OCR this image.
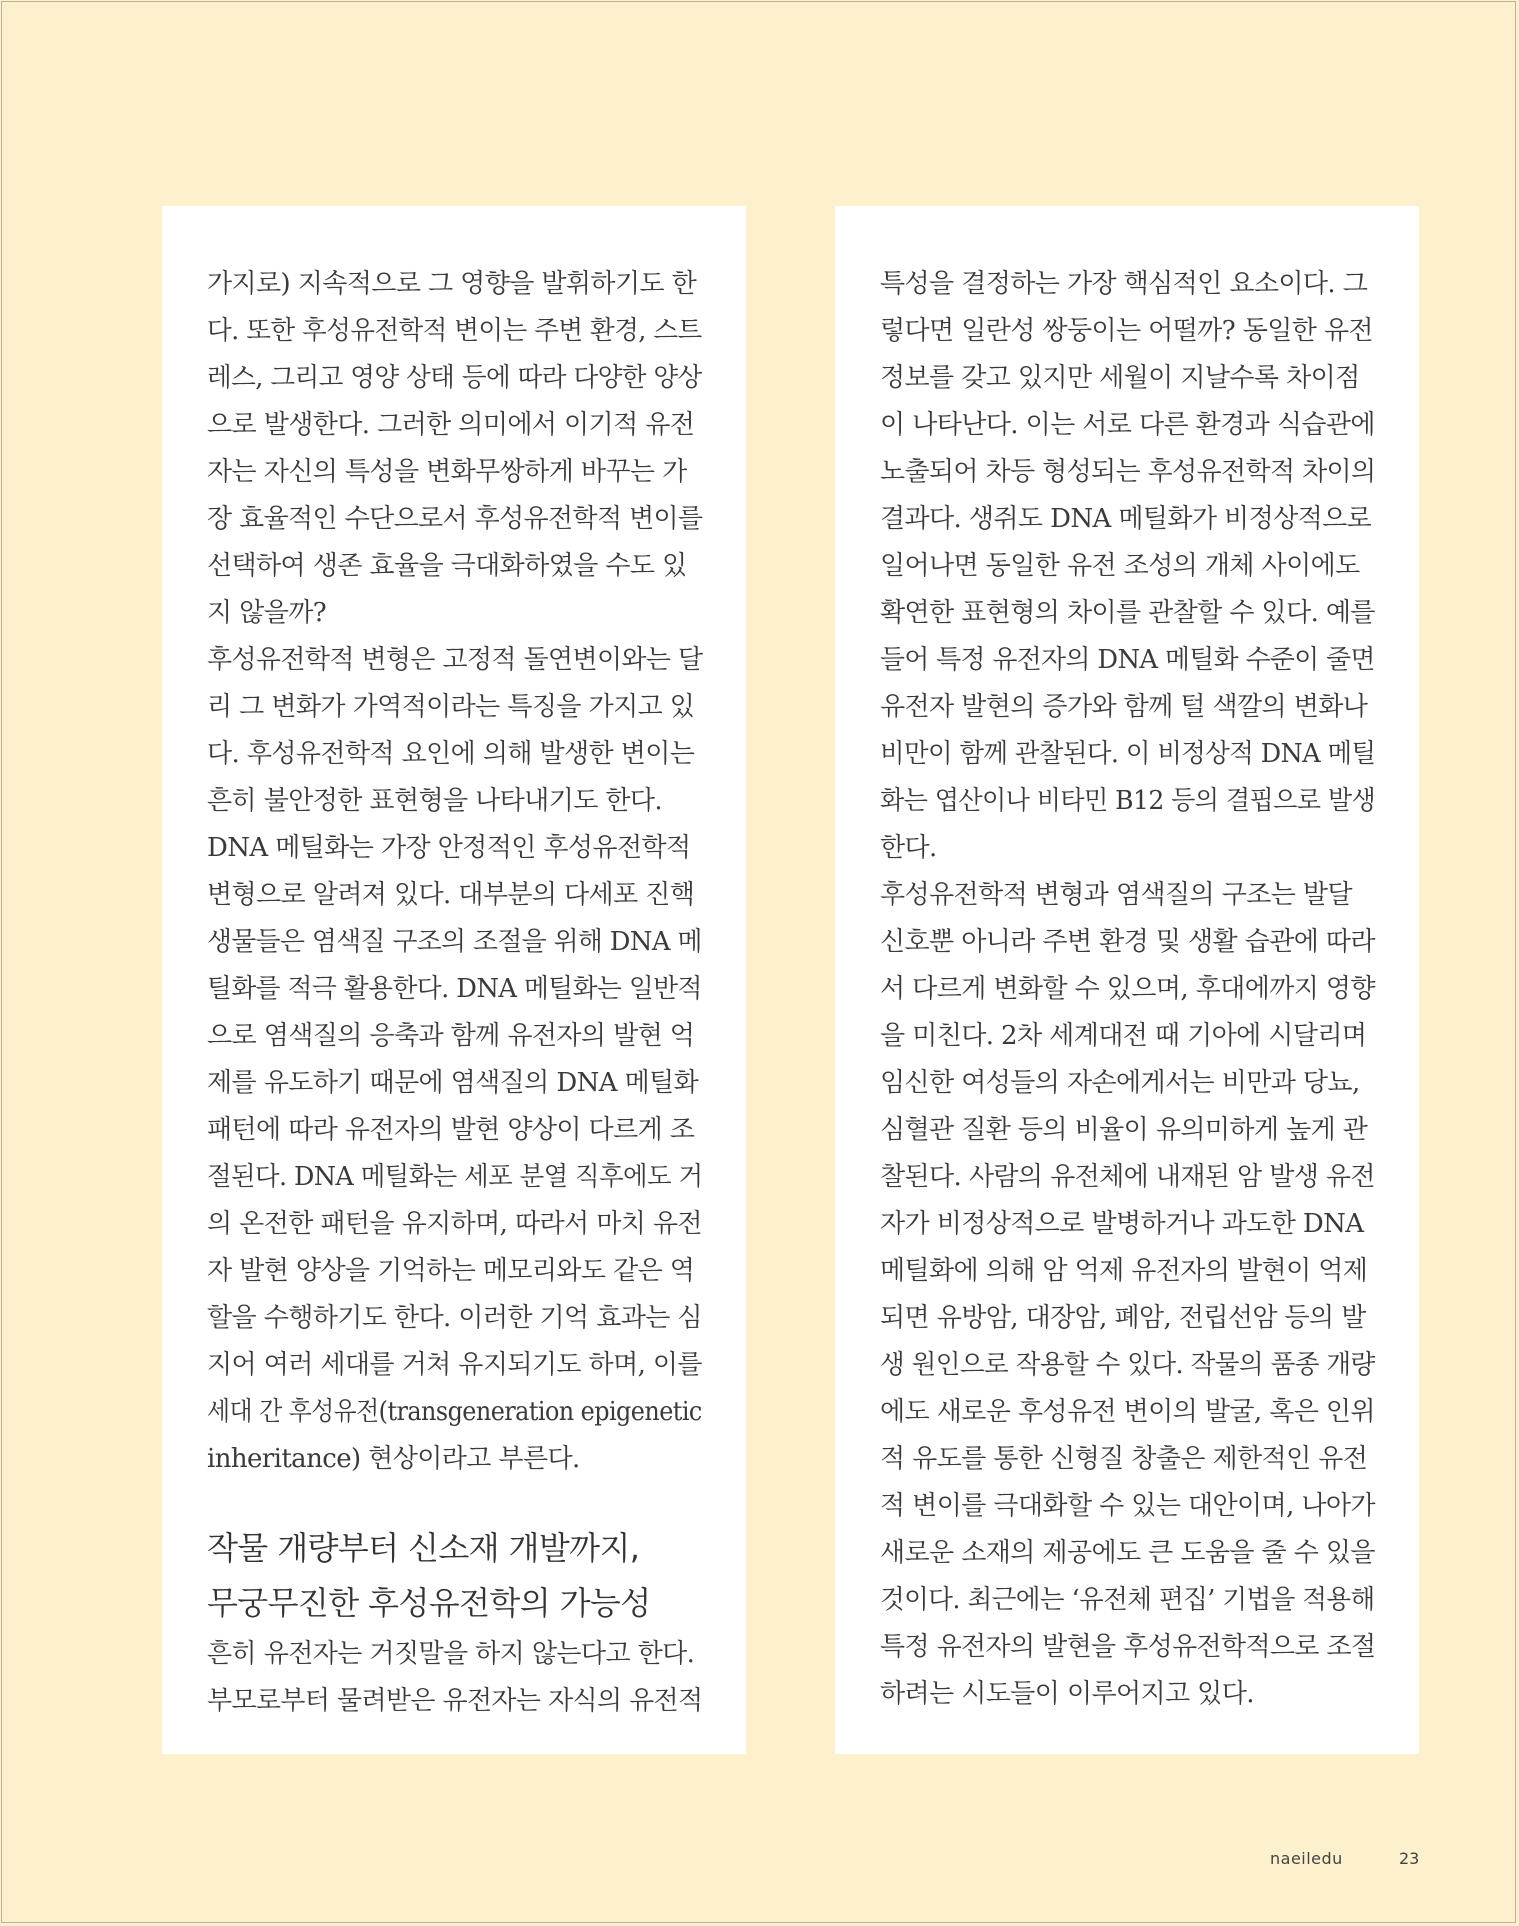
가지로) 지속적으로 그 영향을 발휘하기도 한
다. 또한 후성유전학적 변이는 주변 환경, 스트
레스, 그리고 영양 상태 등에 따라 다양한 양상
으로 발생한다. 그러한 의미에서 이기적 유전
자는 자신의 특성을 변화무쌍하게 바꾸는 가
장 효율적인 수단으로서 후성유전학적 변이를
선택하여 생존 효율을 극대화하였을 수도 있
지 않을까?
후성유전학적 변형은 고정적 돌연변이와는 달
리 그 변화가 가역적이라는 특징을 가지고 있
다. 후성유전학적 요인에 의해 발생한 변이는
흔히 불안정한 표현형을 나타내기도 한다.
DNA 메틸화는 가장 안정적인 후성유전학적
변형으로 알려져 있다. 대부분의 다세포 진핵
생물들은 염색질 구조의 조절을 위해 DNA 메
틸화를 적극 활용한다. DNA 메틸화는 일반적
으로 염색질의 응축과 함께 유전자의 발현 억
제를 유도하기 때문에 염색질의 DNA 메틸화
패턴에 따라 유전자의 발현 양상이 다르게 조
절된다. DNA 메틸화는 세포 분열 직후에도 거
의 온전한 패턴을 유지하며, 따라서 마치 유전
자 발현 양상을 기억하는 메모리와도 같은 역
할을 수행하기도 한다. 이러한 기억 효과는 심
지어 여러 세대를 거쳐 유지되기도 하며, 이를
세대 간 후성유전(transgeneration epigenetic
inheritance) 현상이라고 부른다.
작물 개량부터 신소재 개발까지,
무궁무진한 후성유전학의 가능성
흔히 유전자는 거짓말을 하지 않는다고 한다.
부모로부터 물려받은 유전자는 자식의 유전적
특성을 결정하는 가장 핵심적인 요소이다. 그
렇다면 일란성 쌍둥이는 어떨까? 동일한 유전
정보를 갖고 있지만 세월이 지날수록 차이점
이 나타난다. 이는 서로 다른 환경과 식습관에
노출되어 차등 형성되는 후성유전학적 차이의
결과다. 생쥐도 DNA 메틸화가 비정상적으로
일어나면 동일한 유전 조성의 개체 사이에도
확연한 표현형의 차이를 관찰할 수 있다. 예를
들어 특정 유전자의 DNA 메틸화 수준이 줄면
유전자 발현의 증가와 함께 털 색깔의 변화나
비만이 함께 관찰된다. 이 비정상적 DNA 메틸
화는 엽산이나 비타민 B12 등의 결핍으로 발생
한다.
후성유전학적 변형과 염색질의 구조는 발달
신호뿐 아니라 주변 환경 및 생활 습관에 따라
서 다르게 변화할 수 있으며, 후대에까지 영향
을 미친다. 2차 세계대전 때 기아에 시달리며
임신한 여성들의 자손에게서는 비만과 당뇨,
심혈관 질환 등의 비율이 유의미하게 높게 관
찰된다. 사람의 유전체에 내재된 암 발생 유전
자가 비정상적으로 발병하거나 과도한 DNA
메틸화에 의해 암 억제 유전자의 발현이 억제
되면 유방암, 대장암, 폐암, 전립선암 등의 발
생 원인으로 작용할 수 있다. 작물의 품종 개량
에도 새로운 후성유전 변이의 발굴, 혹은 인위
적 유도를 통한 신형질 창출은 제한적인 유전
적 변이를 극대화할 수 있는 대안이며, 나아가
새로운 소재의 제공에도 큰 도움을 줄 수 있을
것이다. 최근에는 ‘유전체 편집’ 기법을 적용해
특정 유전자의 발현을 후성유전학적으로 조절
하려는 시도들이 이루어지고 있다.
naeiledu	23
